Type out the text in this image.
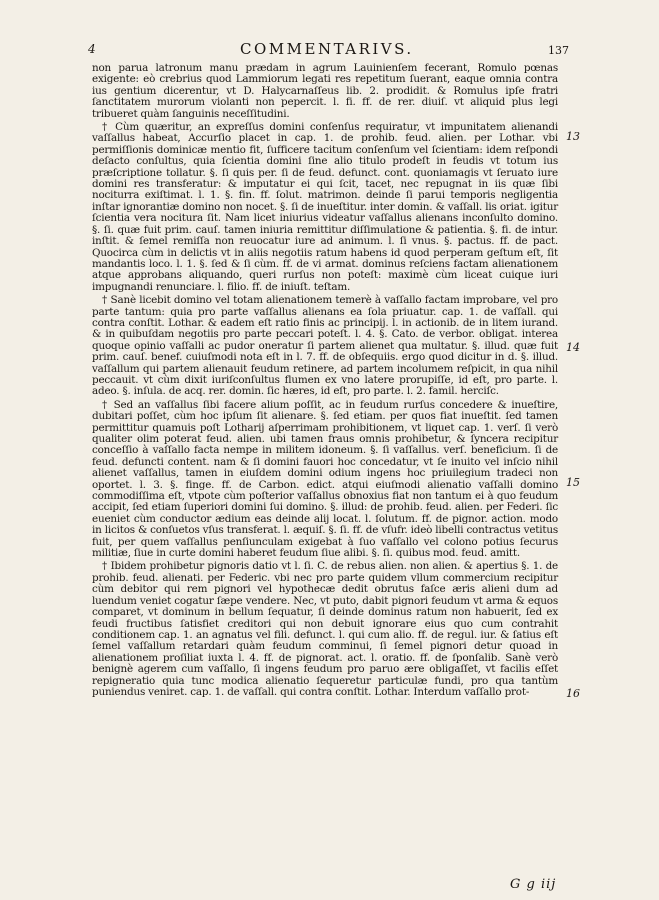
4	COMMENTARIVS.	137

non parua latronum manu prædam in agrum Lauinienſem fecerant, Romulo pœnas exigente: eò crebrius quod Lammiorum legati res repetitum ſuerant, eaque omnia contra ius gentium dicerentur, vt D. Halycarnaſſeus lib. 2. prodidit. & Romulus ipſe fratri ſanctitatem murorum violanti non pepercit. l. fi. ff. de rer. diuiſ. vt aliquid plus legi tribueret quàm ſanguinis neceſſitudini.

† Cùm quæritur, an expreſſus domini conſenſus requiratur, vt impunitatem alienandi vaſſallus habeat, Accurſio placet in cap. 1. de prohib. feud. alien. per Lothar. vbi permiſſionis dominicæ mentio fit, ſufficere tacitum conſenſum vel ſcientiam: idem reſpondi deſacto conſultus, quia ſcientia domini ſine alio titulo prodeſt in feudis vt totum ius præſcriptione tollatur. §. ſi quis per. ſi de feud. defunct. cont. quoniamagis vt ſeruato iure domini res transferatur: & imputatur ei qui ſcit, tacet, nec repugnat in iis quæ ſibi nociturra exiſtimat. l. 1. §. fin. ff. ſolut. matrimon. deinde ſi parui temporis negligentia inſtar ignorantiæ domino non nocet. §. ſi de inueſtitur. inter domin. & vaſſall. lis oriat. igitur ſcientia vera nocitura ſit. Nam licet iniurius videatur vaſſallus alienans inconſulto domino. §. ſi. quæ fuit prim. cauſ. tamen iniuria remittitur diſſimulatione & patientia. §. fi. de intur. inſtit. & ſemel remiſſa non reuocatur iure ad animum. l. ſi vnus. §. pactus. ff. de pact. Quocirca cùm in delictis vt in aliis negotiis ratum habens id quod perperam geſtum eſt, ſit mandantis loco. l. 1. §. ſed & ſi cùm. ff. de vi armat. dominus reſciens factam alienationem atque approbans aliquando, queri rurſus non poteſt: maximè cùm liceat cuique iuri impugnandi renunciare. l. filio. ff. de iniuſt. teſtam.

† Sanè licebit domino vel totam alienationem temerè à vaſſallo factam improbare, vel pro parte tantum: quia pro parte vaſſallus alienans ea ſola priuatur. cap. 1. de vaſſall. qui contra conſtit. Lothar. & eadem eſt ratio finis ac principij. l. in actionib. de in litem iurand. & in quibuſdam negotiis pro parte peccari poteſt. l. 4. §. Cato. de verbor. obligat. interea quoque opinio vaſſalli ac pudor oneratur ſi partem alienet qua multatur. §. illud. quæ fuit prim. cauſ. benef. cuiuſmodi nota eſt in l. 7. ff. de obſequiis. ergo quod dicitur in d. §. illud. vaſſallum qui partem alienauit feudum retinere, ad partem incolumem reſpicit, in qua nihil peccauit. vt cùm dixit iuriſconſultus flumen ex vno latere prorupiſſe, id eſt, pro parte. l. adeo. §. inſula. de acq. rer. domin. ſic hæres, id eſt, pro parte. l. 2. famil. herciſc.

† Sed an vaſſallus ſibi facere alium poſſit, ac in feudum rurſus concedere & inueſtire, dubitari poſſet, cùm hoc ipſum ſit alienare. §. ſed etiam. per quos fiat inueſtit. ſed tamen permittitur quamuis poſt Lotharij aſperrimam prohibitionem, vt liquet cap. 1. verſ. ſi verò qualiter olim poterat feud. alien. ubi tamen fraus omnis prohibetur, & ſyncera recipitur conceſſio à vaſſallo facta nempe in militem idoneum. §. ſi vaſſallus. verſ. beneficium. ſi de feud. defuncti content. nam & ſi domini fauori hoc concedatur, vt ſe inuito vel inſcio nihil alienet vaſſallus, tamen in eiuſdem domini odium ingens hoc priuilegium tradeci non oportet. l. 3. §. finge. ff. de Carbon. edict. atqui eiuſmodi alienatio vaſſalli domino commodiſſima eſt, vtpote cùm poſterior vaſſallus obnoxius fiat non tantum ei à quo feudum accipit, ſed etiam ſuperiori domini ſui domino. §. illud: de prohib. feud. alien. per Federi. ſic eueniet cùm conductor ædium eas deinde alij locat. l. ſolutum. ff. de pignor. action. modo in licitos & conſuetos vſus transferat. l. æquiſ. §. ſi. ff. de vſufr. ideò libelli contractus vetitus fuit, per quem vaſſallus penſiunculam exigebat à ſuo vaſſallo vel colono potius ſecurus militiæ, ſiue in curte domini haberet feudum ſiue alibi. §. ſi. quibus mod. feud. amitt.

† Ibidem prohibetur pignoris datio vt l. ſi. C. de rebus alien. non alien. & apertius §. 1. de prohib. feud. alienati. per Federic. vbi nec pro parte quidem vllum commercium recipitur cùm debitor qui rem pignori vel hypothecæ dedit obrutus faſce æris alieni dum ad luendum veniet cogatur ſæpe vendere. Nec, vt puto, dabit pignori feudum vt arma & equos comparet, vt dominum in bellum ſequatur, ſi deinde dominus ratum non habuerit, ſed ex feudi fructibus ſatisfiet creditori qui non debuit ignorare eius quo cum contrahit conditionem cap. 1. an agnatus vel fili. defunct. l. qui cum alio. ff. de regul. iur. & ſatius eſt ſemel vaſſallum retardari quàm feudum comminui, ſi ſemel pignori detur quoad in alienationem proſiliat iuxta l. 4. ff. de pignorat. act. l. oratio. ff. de ſponſalib. Sanè verò benignè agerem cum vaſſallo, ſi ingens feudum pro paruo ære obligaſſet, vt facilis eſſet repigneratio quia tunc modica alienatio ſequeretur particulæ fundi, pro qua tantùm puniendus veniret. cap. 1. de vaſſall. qui contra conſtit. Lothar. Interdum vaſſallo prot-

13
14
15
16
G g iij
